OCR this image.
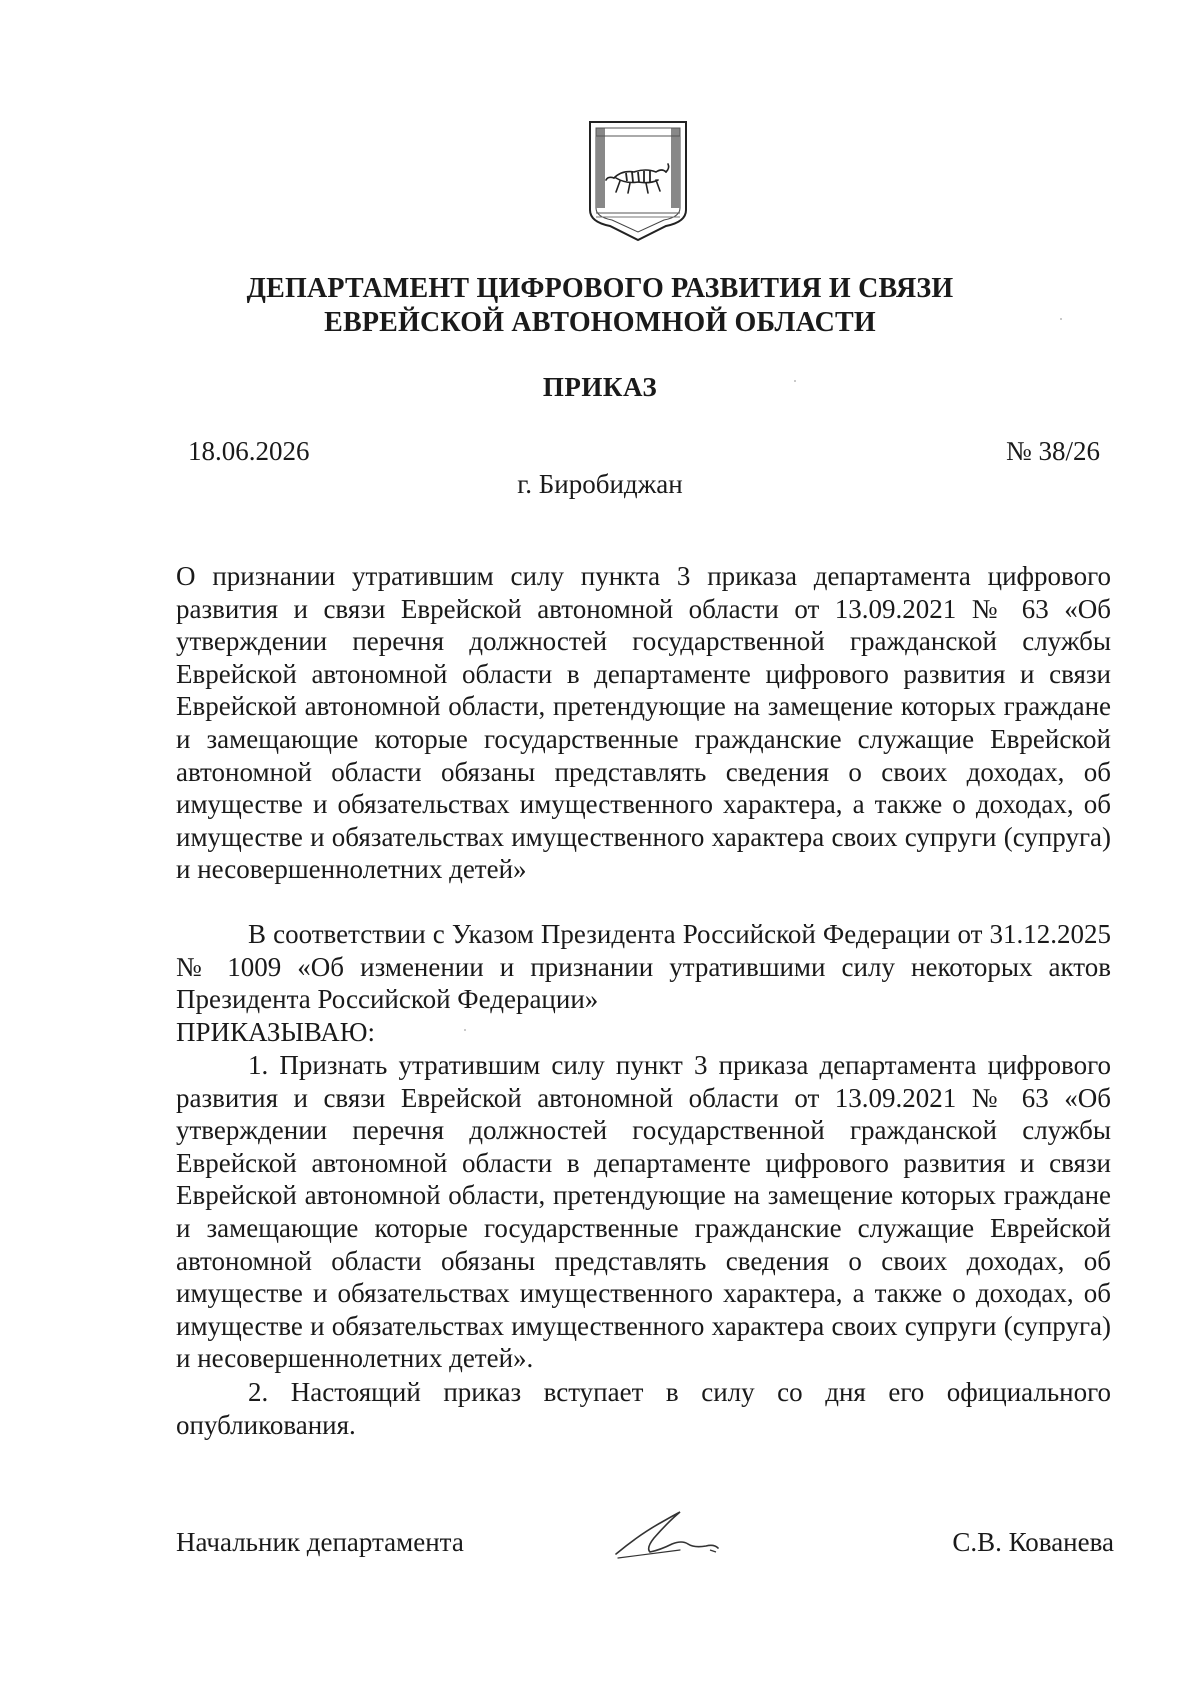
ДЕПАРТАМЕНТ ЦИФРОВОГО РАЗВИТИЯ И СВЯЗИ
ЕВРЕЙСКОЙ АВТОНОМНОЙ ОБЛАСТИ
ПРИКАЗ
18.06.2026	№ 38/26
г. Биробиджан
О признании утратившим силу пункта 3 приказа департамента цифрового развития и связи Еврейской автономной области от 13.09.2021 № 63 «Об утверждении перечня должностей государственной гражданской службы Еврейской автономной области в департаменте цифрового развития и связи Еврейской автономной области, претендующие на замещение которых граждане и замещающие которые государственные гражданские служащие Еврейской автономной области обязаны представлять сведения о своих доходах, об имуществе и обязательствах имущественного характера, а также о доходах, об имуществе и обязательствах имущественного характера своих супруги (супруга) и несовершеннолетних детей»
В соответствии с Указом Президента Российской Федерации от 31.12.2025 № 1009 «Об изменении и признании утратившими силу некоторых актов Президента Российской Федерации»
ПРИКАЗЫВАЮ:
1. Признать утратившим силу пункт 3 приказа департамента цифрового развития и связи Еврейской автономной области от 13.09.2021 № 63 «Об утверждении перечня должностей государственной гражданской службы Еврейской автономной области в департаменте цифрового развития и связи Еврейской автономной области, претендующие на замещение которых граждане и замещающие которые государственные гражданские служащие Еврейской автономной области обязаны представлять сведения о своих доходах, об имуществе и обязательствах имущественного характера, а также о доходах, об имуществе и обязательствах имущественного характера своих супруги (супруга) и несовершеннолетних детей».
2. Настоящий приказ вступает в силу со дня его официального опубликования.
Начальник департамента	С.В. Кованева
